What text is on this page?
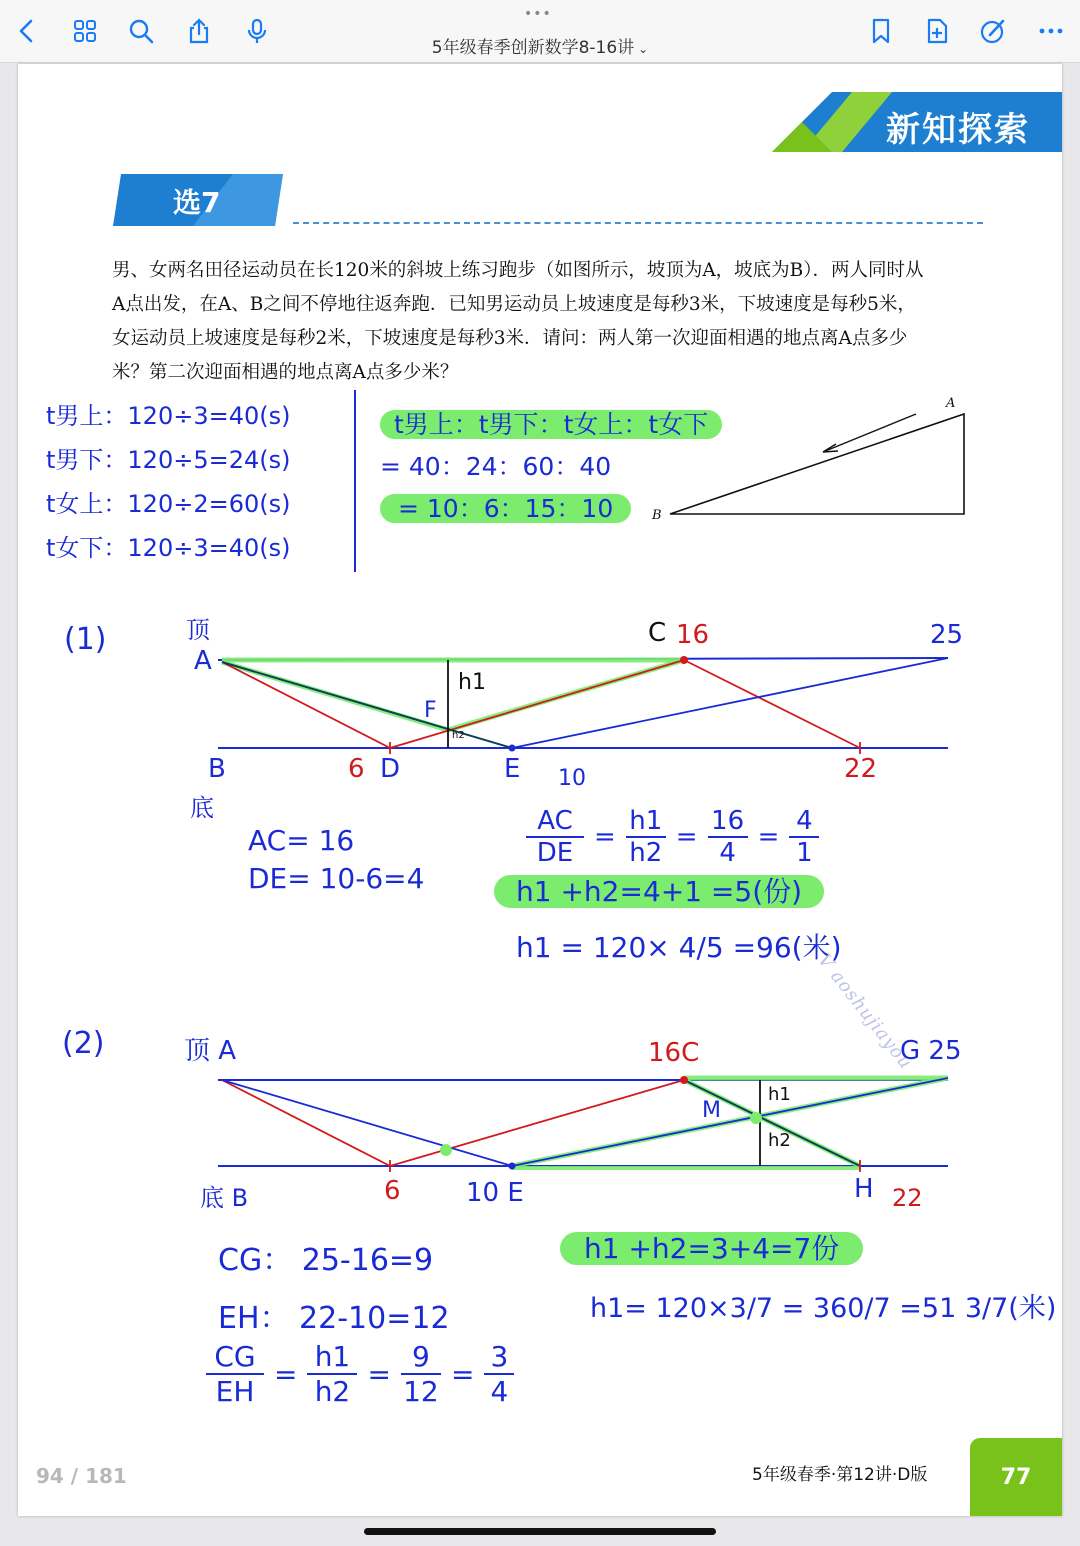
•••
5年级春季创新数学8-16讲 ⌄
新知探索
选7
男、女两名田径运动员在长120米的斜坡上练习跑步（如图所示，坡顶为A，坡底为B）．两人同时从
A点出发，在A、B之间不停地往返奔跑．已知男运动员上坡速度是每秒3米，下坡速度是每秒5米，
女运动员上坡速度是每秒2米，下坡速度是每秒3米．请问：两人第一次迎面相遇的地点离A点多少
米？第二次迎面相遇的地点离A点多少米？
A
B
t男上：120÷3=40(s)
t男下：120÷5=24(s)
t女上：120÷2=60(s)
t女下：120÷3=40(s)
t男上：t男下：t女上：t女下
= 40：24：60：40
= 10：6：15：10
(1)	顶
A
B
底
C 16	25
h1
F
h2
6 D	E 10	22
AC= 16
DE= 10-6=4
AC
DE
=
h1
h2
=
16
4
=
4
1
h1 +h2=4+1 =5(份)
h1 = 120× 4/5 =96(米)
V aoshujiayou
(2)	顶 A
底 B
16C	G 25
M
h1
h2
6	10 E	H 22
CG： 25-16=9
EH： 22-10=12
CG
EH
=
h1
h2
=
9
12
=
3
4
h1 +h2=3+4=7份
h1= 120×3/7 = 360/7 =51 3/7(米)
94 / 181	5年级春季·第12讲·D版	77
